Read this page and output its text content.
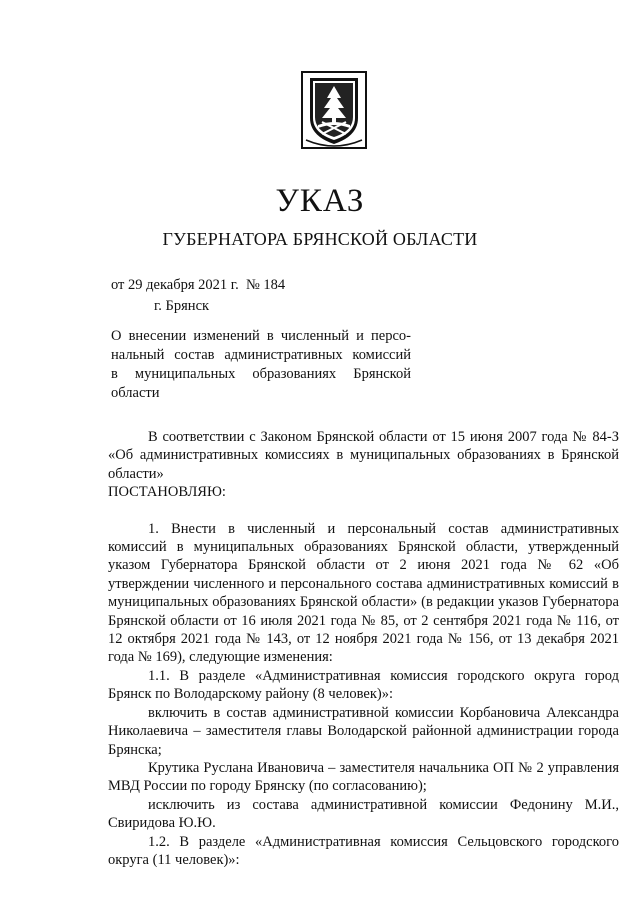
УКАЗ
ГУБЕРНАТОРА БРЯНСКОЙ ОБЛАСТИ
от 29 декабря 2021 г.  № 184
г. Брянск
О внесении изменений в численный и персо-
нальный состав административных комиссий
в муниципальных образованиях Брянской
области

В соответствии с Законом Брянской области от 15 июня 2007 года № 84-З «Об административных комиссиях в муниципальных образованиях в Брянской области»

ПОСТАНОВЛЯЮ:

1. Внести в численный и персональный состав административных комиссий в муниципальных образованиях Брянской области, утвержденный указом Губернатора Брянской области от 2 июня 2021 года № 62 «Об утверждении численного и персонального состава административных комиссий в муниципальных образованиях Брянской области» (в редакции указов Губернатора Брянской области от 16 июля 2021 года № 85, от 2 сентября 2021 года № 116, от 12 октября 2021 года № 143, от 12 ноября 2021 года № 156, от 13 декабря 2021 года № 169), следующие изменения:

1.1. В разделе «Административная комиссия городского округа город Брянск по Володарскому району (8 человек)»:

включить в состав административной комиссии Корбановича Александра Николаевича – заместителя главы Володарской районной администрации города Брянска;

Крутика Руслана Ивановича – заместителя начальника ОП № 2 управления МВД России по городу Брянску (по согласованию);

исключить из состава административной комиссии Федонину М.И., Свиридова Ю.Ю.

1.2. В разделе «Административная комиссия Сельцовского городского округа (11 человек)»:
